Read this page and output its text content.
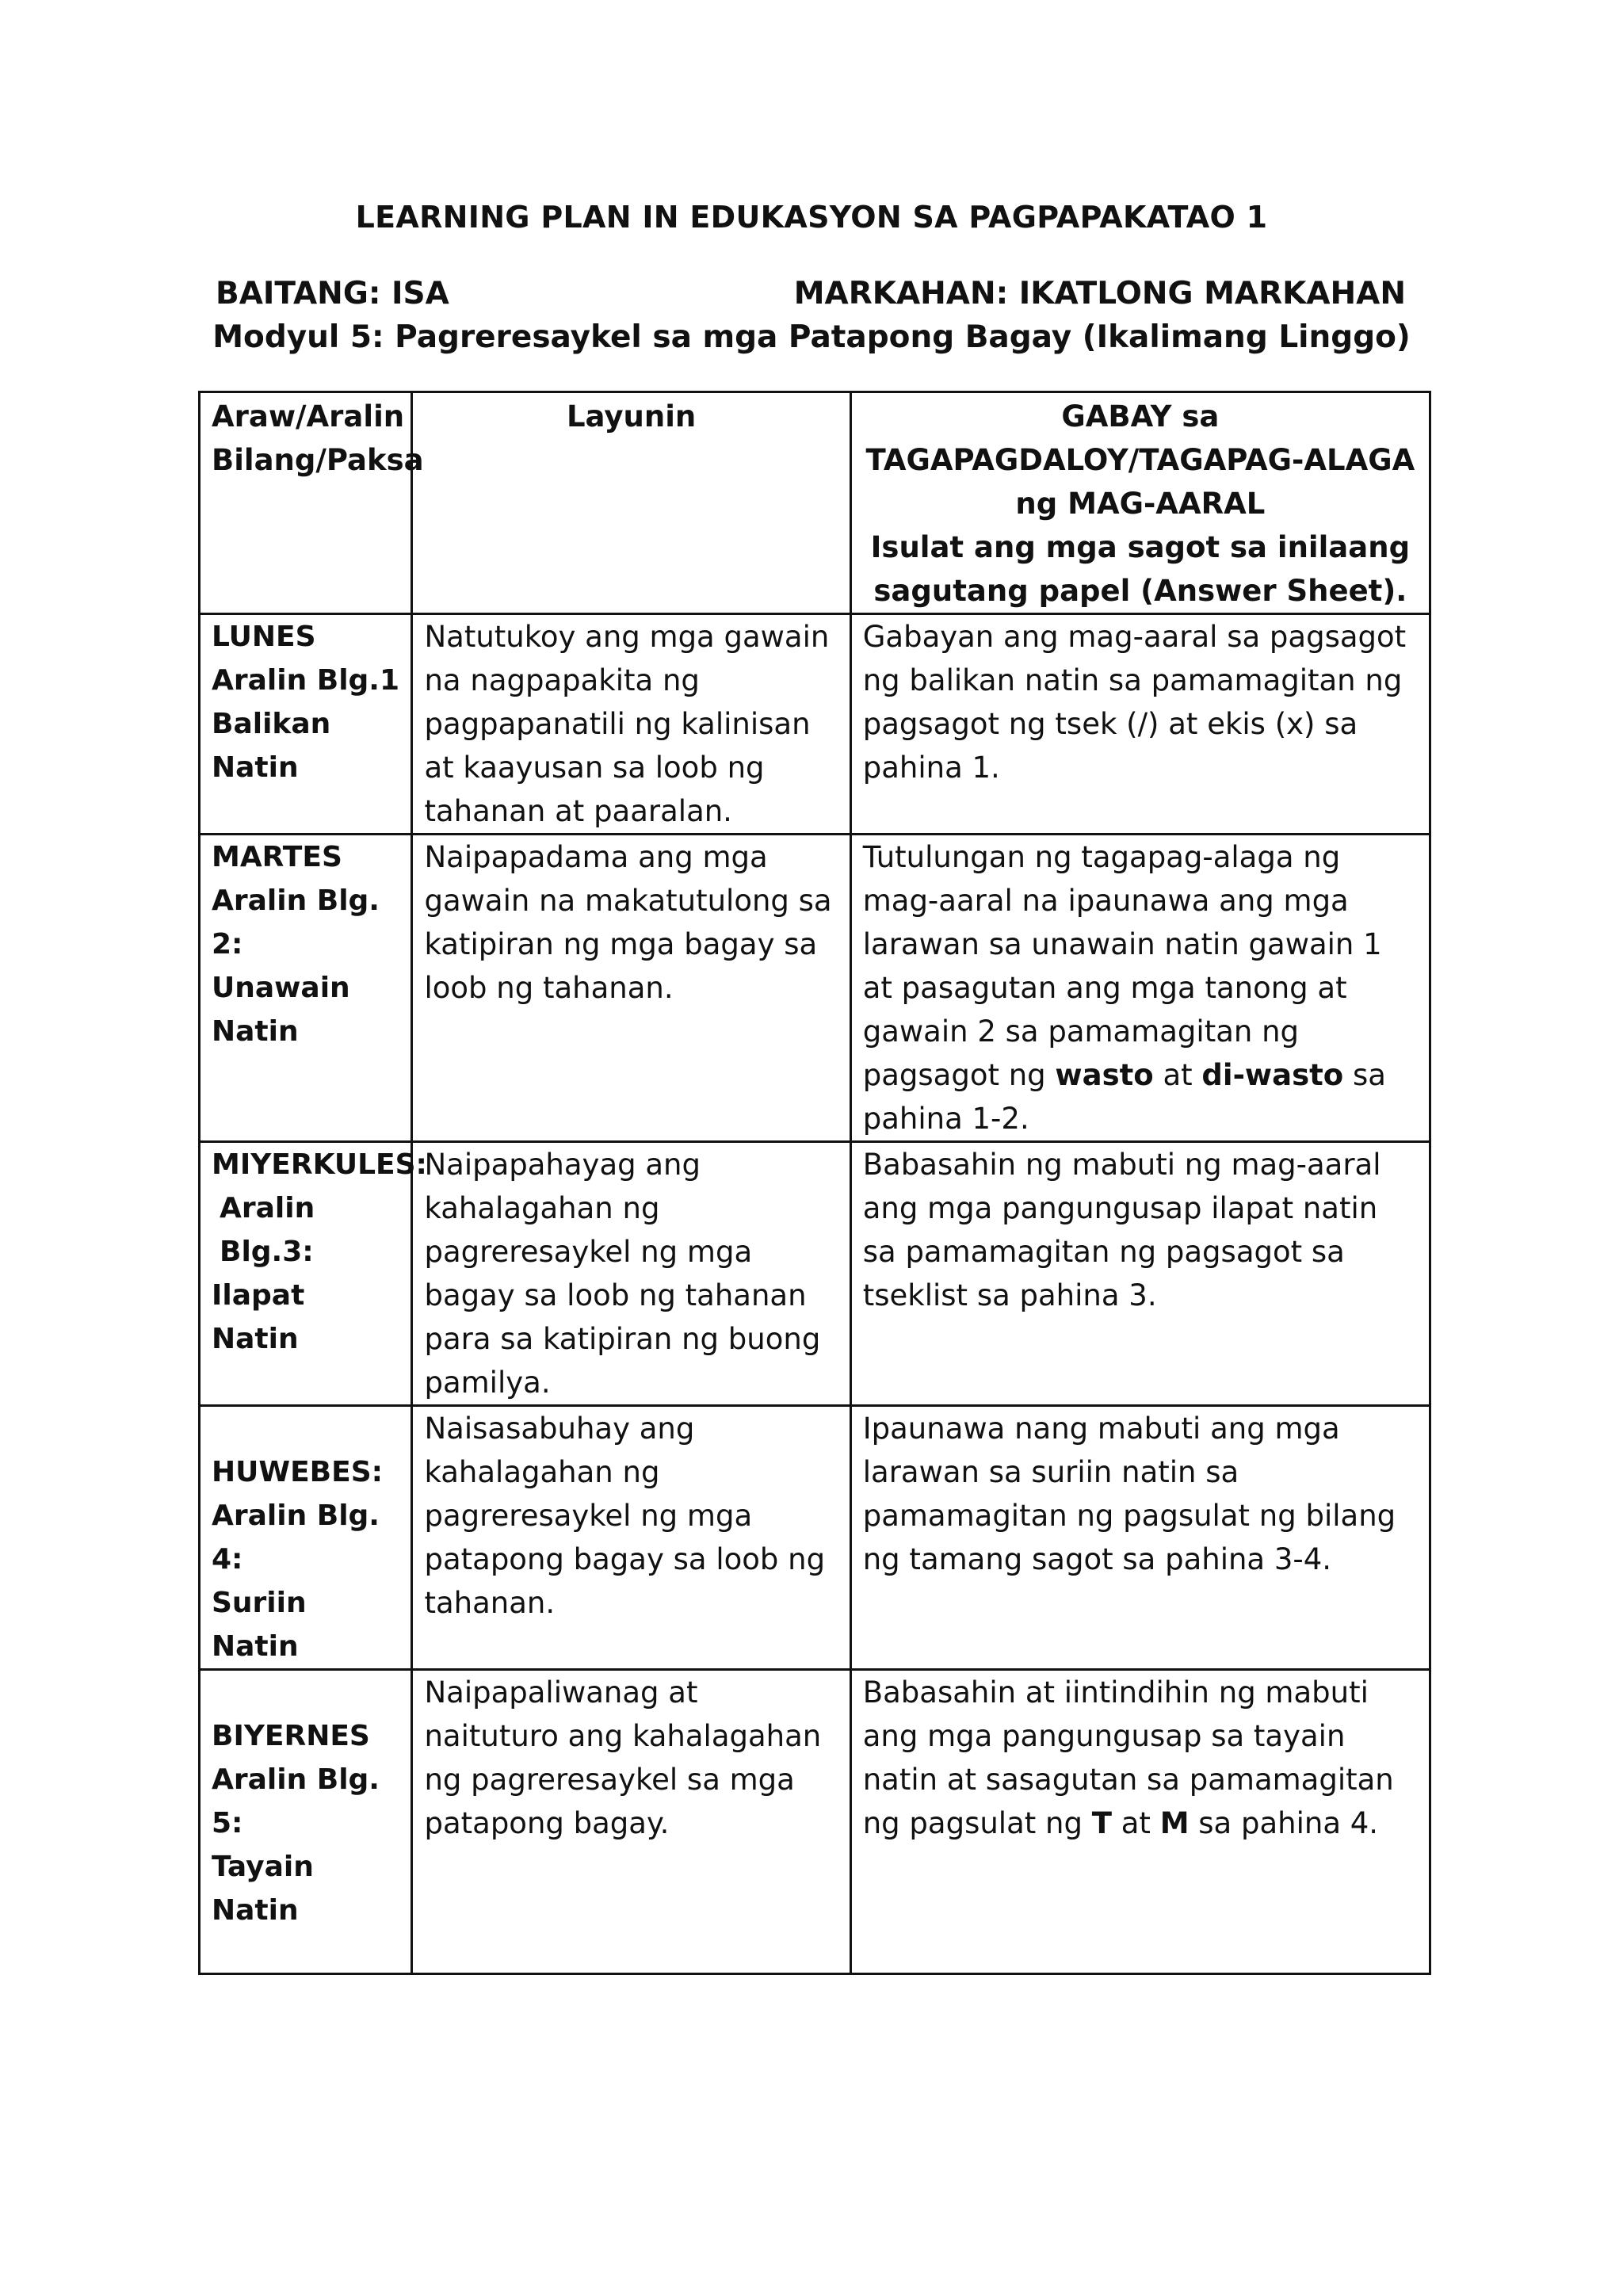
LEARNING PLAN IN EDUKASYON SA PAGPAPAKATAO 1
BAITANG: ISA	MARKAHAN: IKATLONG MARKAHAN
Modyul 5: Pagreresaykel sa mga Patapong Bagay (Ikalimang Linggo)
Araw/Aralin Bilang/Paksa	Layunin	GABAY sa TAGAPAGDALOY/TAGAPAG-ALAGA ng MAG-AARAL
Isulat ang mga sagot sa inilaang sagutang papel (Answer Sheet).

LUNES
Aralin Blg.1
Balikan Natin	Natutukoy ang mga gawain na nagpapakita ng pagpapanatili ng kalinisan at kaayusan sa loob ng tahanan at paaralan.	Gabayan ang mag-aaral sa pagsagot ng balikan natin sa pamamagitan ng pagsagot ng tsek (/) at ekis (x) sa pahina 1.

MARTES
Aralin Blg. 2:
Unawain Natin	Naipapadama ang mga gawain na makatutulong sa katipiran ng mga bagay sa loob ng tahanan.	Tutulungan ng tagapag-alaga ng mag-aaral na ipaunawa ang mga larawan sa unawain natin gawain 1 at pasagutan ang mga tanong at gawain 2 sa pamamagitan ng pagsagot ng wasto at di-wasto sa pahina 1-2.

MIYERKULES:
Aralin Blg.3:
Ilapat Natin	Naipapahayag ang kahalagahan ng pagreresaykel ng mga bagay sa loob ng tahanan para sa katipiran ng buong pamilya.	Babasahin ng mabuti ng mag-aaral ang mga pangungusap ilapat natin sa pamamagitan ng pagsagot sa tseklist sa pahina 3.

HUWEBES:
Aralin Blg. 4:
Suriin Natin	Naisasabuhay ang kahalagahan ng pagreresaykel ng mga patapong bagay sa loob ng tahanan.	Ipaunawa nang mabuti ang mga larawan sa suriin natin sa pamamagitan ng pagsulat ng bilang ng tamang sagot sa pahina 3-4.

BIYERNES
Aralin Blg. 5:
Tayain Natin	Naipapaliwanag at naituturo ang kahalagahan ng pagreresaykel sa mga patapong bagay.	Babasahin at iintindihin ng mabuti ang mga pangungusap sa tayain natin at sasagutan sa pamamagitan ng pagsulat ng T at M sa pahina 4.
